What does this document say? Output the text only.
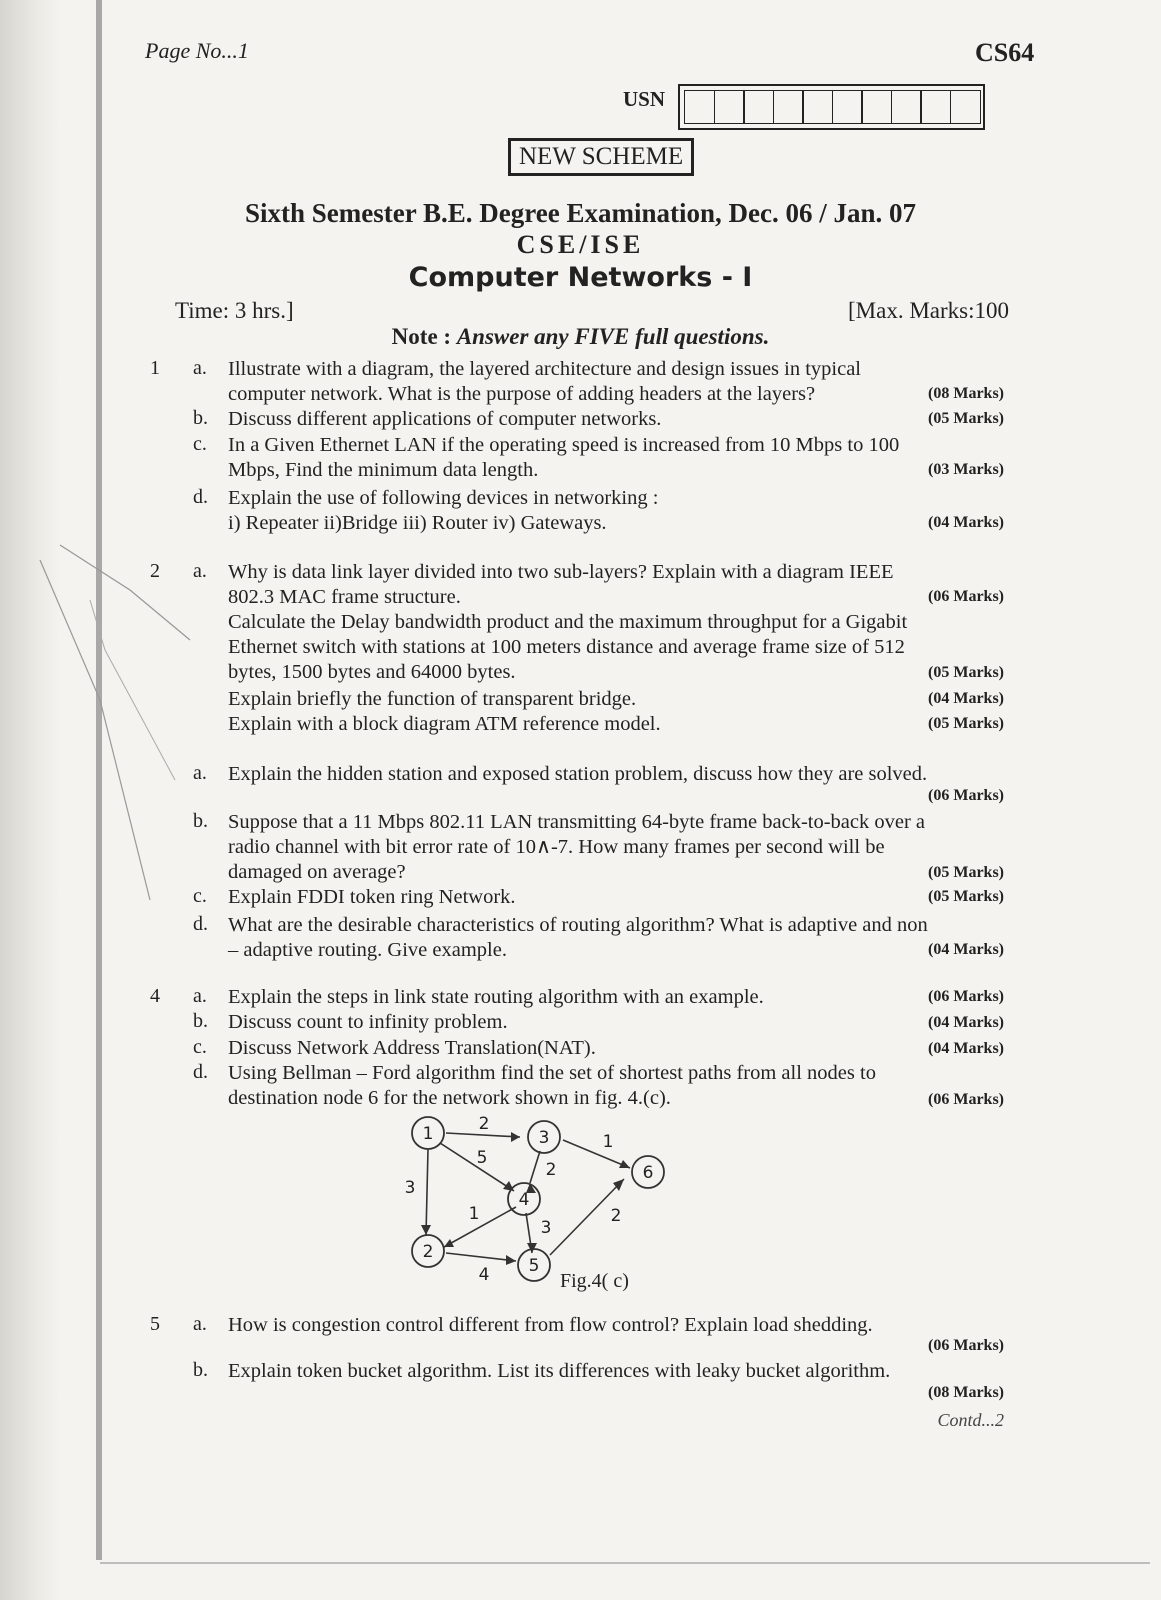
Page No...1	CS64
USN
NEW SCHEME
Sixth Semester B.E. Degree Examination, Dec. 06 / Jan. 07
CSE/ISE
Computer Networks - I
Time: 3 hrs.]	[Max. Marks:100
Note : Answer any FIVE full questions.
1 a. Illustrate with a diagram, the layered architecture and design issues in typical
computer network. What is the purpose of adding headers at the layers?	(08 Marks)
b. Discuss different applications of computer networks.	(05 Marks)
c. In a Given Ethernet LAN if the operating speed is increased from 10 Mbps to 100
Mbps, Find the minimum data length.	(03 Marks)
d. Explain the use of following devices in networking :
i) Repeater ii)Bridge iii) Router iv) Gateways.	(04 Marks)
2 a. Why is data link layer divided into two sub-layers? Explain with a diagram IEEE
802.3 MAC frame structure.	(06 Marks)
Calculate the Delay bandwidth product and the maximum throughput for a Gigabit
Ethernet switch with stations at 100 meters distance and average frame size of 512
bytes, 1500 bytes and 64000 bytes.	(05 Marks)
Explain briefly the function of transparent bridge.	(04 Marks)
Explain with a block diagram ATM reference model.	(05 Marks)
a. Explain the hidden station and exposed station problem, discuss how they are solved.
(06 Marks)
b. Suppose that a 11 Mbps 802.11 LAN transmitting 64-byte frame back-to-back over a
radio channel with bit error rate of 10∧-7. How many frames per second will be
damaged on average?	(05 Marks)
c. Explain FDDI token ring Network.	(05 Marks)
d. What are the desirable characteristics of routing algorithm? What is adaptive and non
– adaptive routing. Give example.	(04 Marks)
4 a. Explain the steps in link state routing algorithm with an example.	(06 Marks)
b. Discuss count to infinity problem.	(04 Marks)
c. Discuss Network Address Translation(NAT).	(04 Marks)
d. Using Bellman – Ford algorithm find the set of shortest paths from all nodes to
destination node 6 for the network shown in fig. 4.(c).	(06 Marks)
5 a. How is congestion control different from flow control? Explain load shedding.
(06 Marks)
b. Explain token bucket algorithm. List its differences with leaky bucket algorithm.
(08 Marks)
1	3
4
2
5
6
2
5
3
2
1
1
3
4
2
Fig.4( c)
Contd...2
